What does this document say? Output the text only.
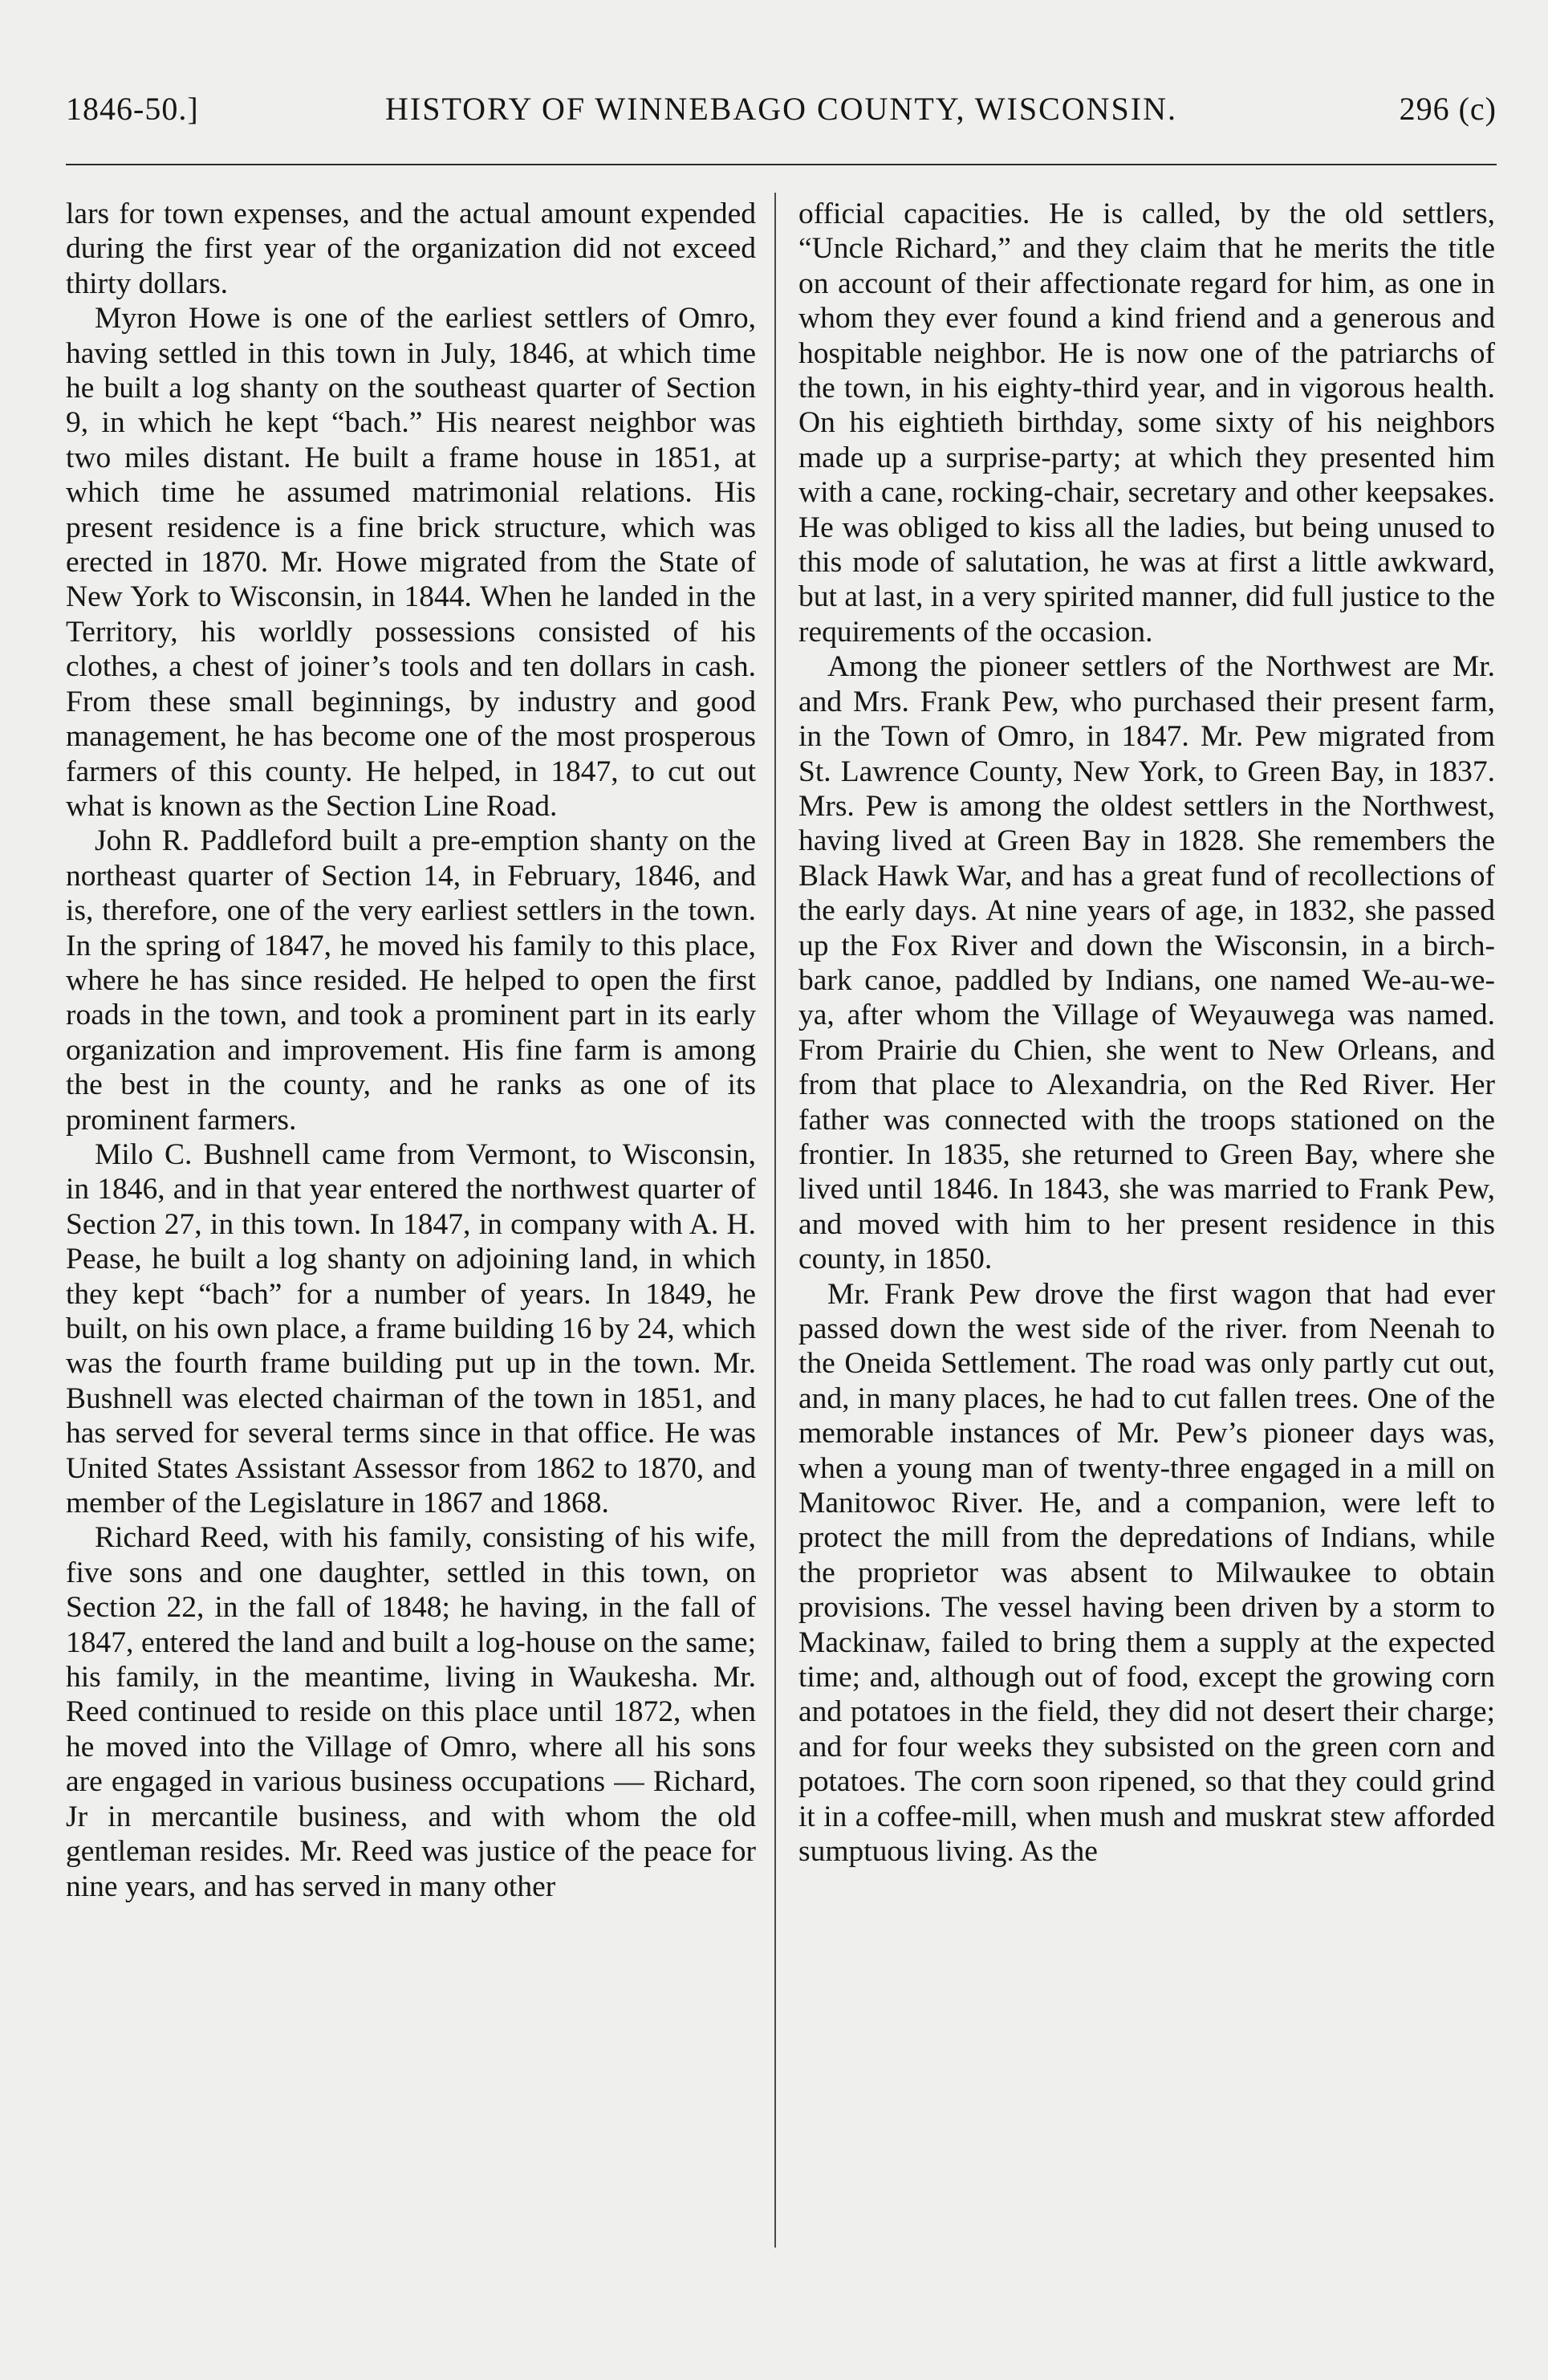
1846-50.]	HISTORY OF WINNEBAGO COUNTY, WISCONSIN.	296 (c)

lars for town expenses, and the actual amount expended during the first year of the organization did not exceed thirty dollars.

Myron Howe is one of the earliest settlers of Omro, having settled in this town in July, 1846, at which time he built a log shanty on the southeast quarter of Section 9, in which he kept “bach.” His nearest neighbor was two miles distant. He built a frame house in 1851, at which time he assumed matrimonial relations. His present residence is a fine brick structure, which was erected in 1870. Mr. Howe migrated from the State of New York to Wisconsin, in 1844. When he landed in the Territory, his worldly possessions consisted of his clothes, a chest of joiner’s tools and ten dollars in cash. From these small beginnings, by industry and good management, he has become one of the most prosperous farmers of this county. He helped, in 1847, to cut out what is known as the Section Line Road.

John R. Paddleford built a pre-emption shanty on the northeast quarter of Section 14, in February, 1846, and is, therefore, one of the very earliest settlers in the town. In the spring of 1847, he moved his family to this place, where he has since resided. He helped to open the first roads in the town, and took a prominent part in its early organization and improvement. His fine farm is among the best in the county, and he ranks as one of its prominent farmers.

Milo C. Bushnell came from Vermont, to Wisconsin, in 1846, and in that year entered the northwest quarter of Section 27, in this town. In 1847, in company with A. H. Pease, he built a log shanty on adjoining land, in which they kept “bach” for a number of years. In 1849, he built, on his own place, a frame building 16 by 24, which was the fourth frame building put up in the town. Mr. Bushnell was elected chairman of the town in 1851, and has served for several terms since in that office. He was United States Assistant Assessor from 1862 to 1870, and member of the Legislature in 1867 and 1868.

Richard Reed, with his family, consisting of his wife, five sons and one daughter, settled in this town, on Section 22, in the fall of 1848; he having, in the fall of 1847, entered the land and built a log-house on the same; his family, in the meantime, living in Waukesha. Mr. Reed continued to reside on this place until 1872, when he moved into the Village of Omro, where all his sons are engaged in various business occupations — Richard, Jr in mercantile business, and with whom the old gentleman resides. Mr. Reed was justice of the peace for nine years, and has served in many other

official capacities. He is called, by the old settlers, “Uncle Richard,” and they claim that he merits the title on account of their affectionate regard for him, as one in whom they ever found a kind friend and a generous and hospitable neighbor. He is now one of the patriarchs of the town, in his eighty-third year, and in vigorous health. On his eightieth birthday, some sixty of his neighbors made up a surprise-party; at which they presented him with a cane, rocking-chair, secretary and other keepsakes. He was obliged to kiss all the ladies, but being unused to this mode of salutation, he was at first a little awkward, but at last, in a very spirited manner, did full justice to the requirements of the occasion.

Among the pioneer settlers of the Northwest are Mr. and Mrs. Frank Pew, who purchased their present farm, in the Town of Omro, in 1847. Mr. Pew migrated from St. Lawrence County, New York, to Green Bay, in 1837. Mrs. Pew is among the oldest settlers in the Northwest, having lived at Green Bay in 1828. She remembers the Black Hawk War, and has a great fund of recollections of the early days. At nine years of age, in 1832, she passed up the Fox River and down the Wisconsin, in a birch-bark canoe, paddled by Indians, one named We-au-we-ya, after whom the Village of Weyauwega was named. From Prairie du Chien, she went to New Orleans, and from that place to Alexandria, on the Red River. Her father was connected with the troops stationed on the frontier. In 1835, she returned to Green Bay, where she lived until 1846. In 1843, she was married to Frank Pew, and moved with him to her present residence in this county, in 1850.

Mr. Frank Pew drove the first wagon that had ever passed down the west side of the river. from Neenah to the Oneida Settlement. The road was only partly cut out, and, in many places, he had to cut fallen trees. One of the memorable instances of Mr. Pew’s pioneer days was, when a young man of twenty-three engaged in a mill on Manitowoc River. He, and a companion, were left to protect the mill from the depredations of Indians, while the proprietor was absent to Milwaukee to obtain provisions. The vessel having been driven by a storm to Mackinaw, failed to bring them a supply at the expected time; and, although out of food, except the growing corn and potatoes in the field, they did not desert their charge; and for four weeks they subsisted on the green corn and potatoes. The corn soon ripened, so that they could grind it in a coffee-mill, when mush and muskrat stew afforded sumptuous living. As the
